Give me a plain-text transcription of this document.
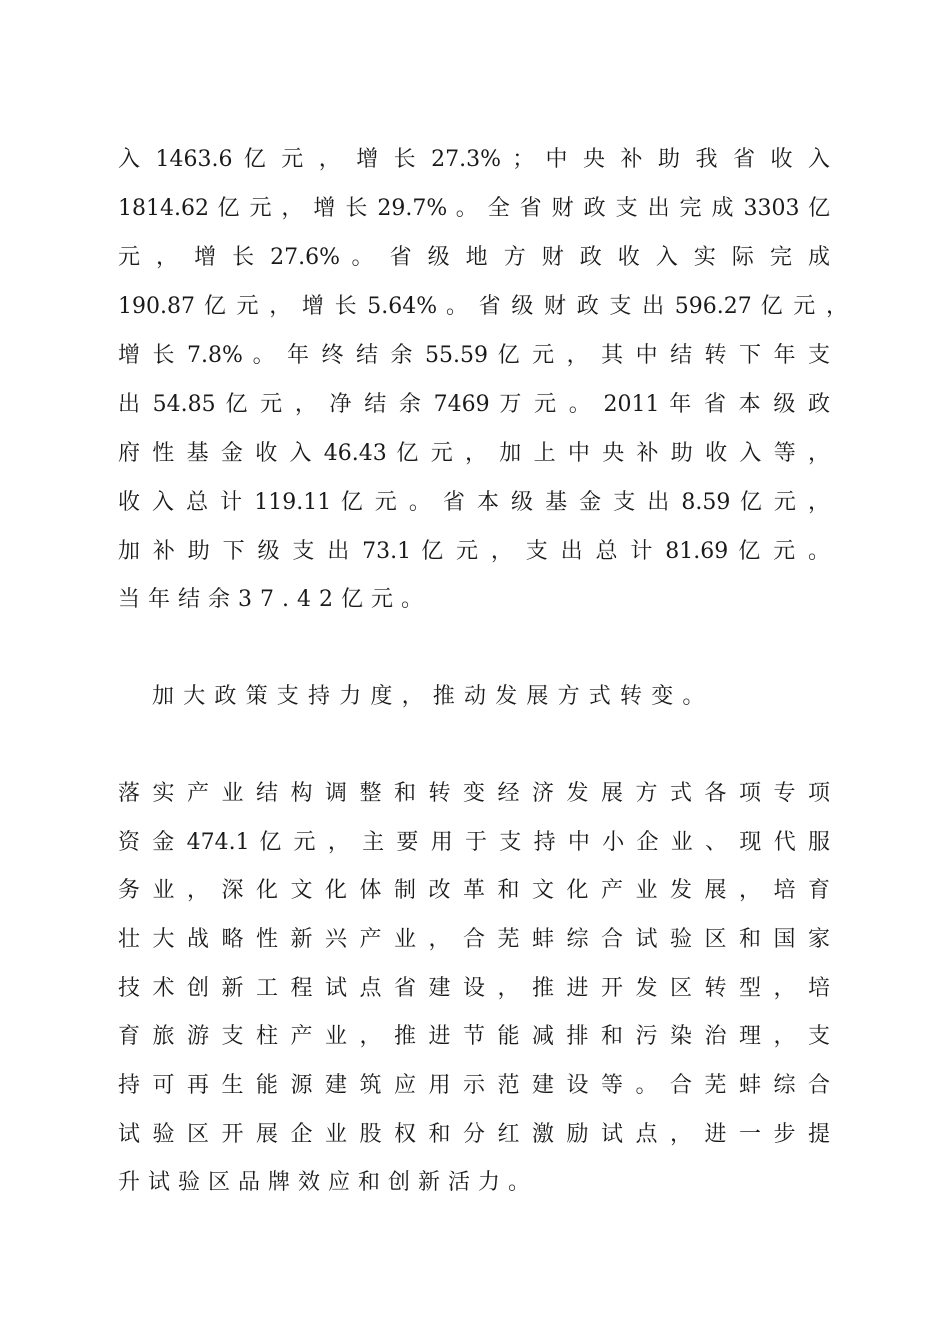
入 1463.6 亿 元 ， 增 长 27.3% ； 中 央 补 助 我 省 收 入
1814.62 亿 元 ， 增 长 29.7% 。 全 省 财 政 支 出 完 成 3303 亿
元 ， 增 长 27.6% 。 省 级 地 方 财 政 收 入 实 际 完 成
190.87 亿 元 ， 增 长 5.64% 。 省 级 财 政 支 出 596.27 亿 元 ，
增 长 7.8% 。 年 终 结 余 55.59 亿 元 ， 其 中 结 转 下 年 支
出 54.85 亿 元 ， 净 结 余 7469 万 元 。 2011 年 省 本 级 政
府 性 基 金 收 入 46.43 亿 元 ， 加 上 中 央 补 助 收 入 等 ，
收 入 总 计 119.11 亿 元 。 省 本 级 基 金 支 出 8.59 亿 元 ，
加 补 助 下 级 支 出 73.1 亿 元 ， 支 出 总 计 81.69 亿 元 。
当年结余37.42亿元。
加大政策支持力度，推动发展方式转变。
落 实 产 业 结 构 调 整 和 转 变 经 济 发 展 方 式 各 项 专 项
资 金 474.1 亿 元 ， 主 要 用 于 支 持 中 小 企 业 、 现 代 服
务 业 ， 深 化 文 化 体 制 改 革 和 文 化 产 业 发 展 ， 培 育
壮 大 战 略 性 新 兴 产 业 ， 合 芜 蚌 综 合 试 验 区 和 国 家
技 术 创 新 工 程 试 点 省 建 设 ， 推 进 开 发 区 转 型 ， 培
育 旅 游 支 柱 产 业 ， 推 进 节 能 减 排 和 污 染 治 理 ， 支
持 可 再 生 能 源 建 筑 应 用 示 范 建 设 等 。 合 芜 蚌 综 合
试 验 区 开 展 企 业 股 权 和 分 红 激 励 试 点 ， 进 一 步 提
升试验区品牌效应和创新活力。
